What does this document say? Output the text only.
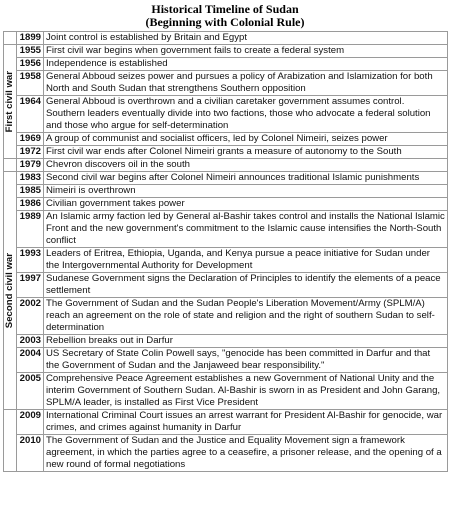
Historical Timeline of Sudan
(Beginning with Colonial Rule)
	1899	Joint control is established by Britain and Egypt

First civil war	1955	First civil war begins when government fails to create a federal system
	1956	Independence is established
	1958	General Abboud seizes power and pursues a policy of Arabization and Islamization for both North and South Sudan that strengthens Southern opposition
	1964	General Abboud is overthrown and a civilian caretaker government assumes control. Southern leaders eventually divide into two factions, those who advocate a federal solution and those who argue for self-determination
	1969	A group of communist and socialist officers, led by Colonel Nimeiri, seizes power
	1972	First civil war ends after Colonel Nimeiri grants a measure of autonomy to the South
	1979	Chevron discovers oil in the south

Second civil war	1983	Second civil war begins after Colonel Nimeiri announces traditional Islamic punishments
	1985	Nimeiri is overthrown
	1986	Civilian government takes power
	1989	An Islamic army faction led by General al-Bashir takes control and installs the National Islamic Front and the new government's commitment to the Islamic cause intensifies the North-South conflict
	1993	Leaders of Eritrea, Ethiopia, Uganda, and Kenya pursue a peace initiative for Sudan under the Intergovernmental Authority for Development
	1997	Sudanese Government signs the Declaration of Principles to identify the elements of a peace settlement
	2002	The Government of Sudan and the Sudan People's Liberation Movement/Army (SPLM/A) reach an agreement on the role of state and religion and the right of southern Sudan to self-determination
	2003	Rebellion breaks out in Darfur
	2004	US Secretary of State Colin Powell says, "genocide has been committed in Darfur and that the Government of Sudan and the Janjaweed bear responsibility."
	2005	Comprehensive Peace Agreement establishes a new Government of National Unity and the interim Government of Southern Sudan. Al-Bashir is sworn in as President and John Garang, SPLM/A leader, is installed as First Vice President
	2009	International Criminal Court issues an arrest warrant for President Al-Bashir for genocide, war crimes, and crimes against humanity in Darfur
	2010	The Government of Sudan and the Justice and Equality Movement sign a framework agreement, in which the parties agree to a ceasefire, a prisoner release, and the opening of a new round of formal negotiations
